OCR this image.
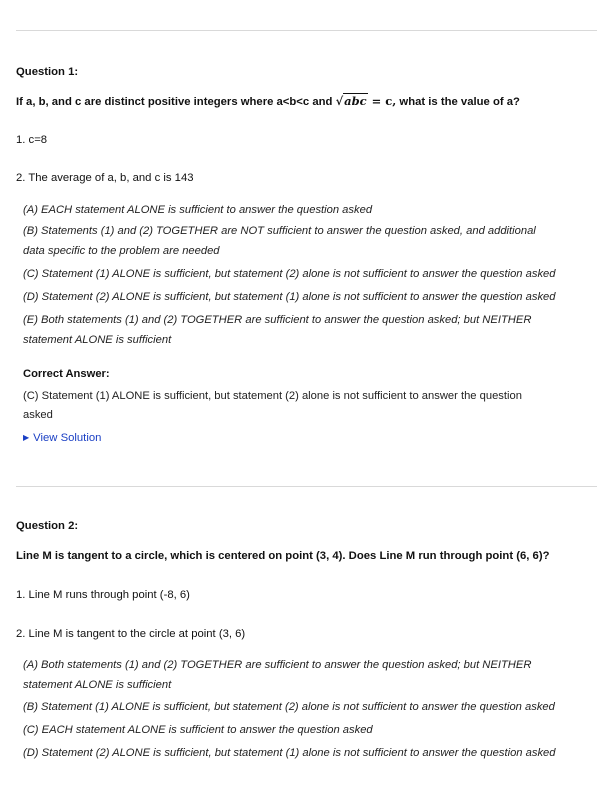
Question 1:
If a, b, and c are distinct positive integers where a<b<c and √abc = c, what is the value of a?
1. c=8
2. The average of a, b, and c is 143
(A) EACH statement ALONE is sufficient to answer the question asked
(B) Statements (1) and (2) TOGETHER are NOT sufficient to answer the question asked, and additional
data specific to the problem are needed
(C) Statement (1) ALONE is sufficient, but statement (2) alone is not sufficient to answer the question asked
(D) Statement (2) ALONE is sufficient, but statement (1) alone is not sufficient to answer the question asked
(E) Both statements (1) and (2) TOGETHER are sufficient to answer the question asked; but NEITHER
statement ALONE is sufficient
Correct Answer:
(C) Statement (1) ALONE is sufficient, but statement (2) alone is not sufficient to answer the question
asked
▶ View Solution
Question 2:
Line M is tangent to a circle, which is centered on point (3, 4). Does Line M run through point (6, 6)?
1. Line M runs through point (-8, 6)
2. Line M is tangent to the circle at point (3, 6)
(A) Both statements (1) and (2) TOGETHER are sufficient to answer the question asked; but NEITHER
statement ALONE is sufficient
(B) Statement (1) ALONE is sufficient, but statement (2) alone is not sufficient to answer the question asked
(C) EACH statement ALONE is sufficient to answer the question asked
(D) Statement (2) ALONE is sufficient, but statement (1) alone is not sufficient to answer the question asked
